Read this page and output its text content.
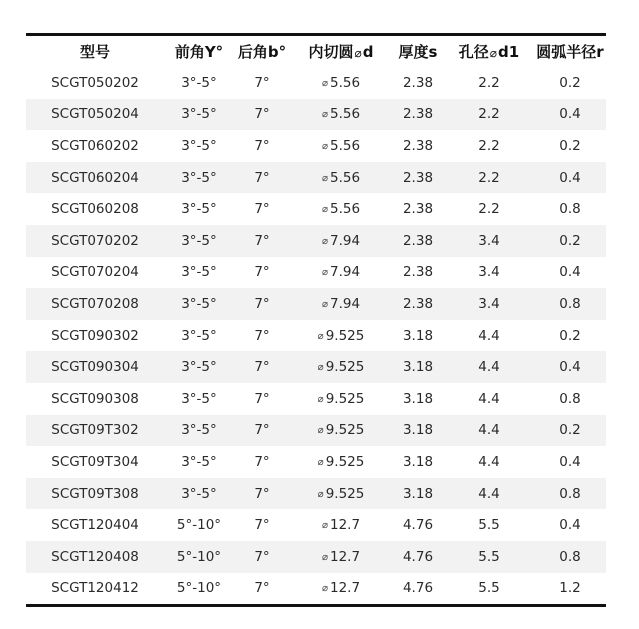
型号	前角Y°	后角b°	内切圆⌀d	厚度s	孔径⌀d1	圆弧半径r
SCGT050202	3°-5°	7°	⌀ 5.56	2.38	2.2	0.2
SCGT050204	3°-5°	7°	⌀ 5.56	2.38	2.2	0.4
SCGT060202	3°-5°	7°	⌀ 5.56	2.38	2.2	0.2
SCGT060204	3°-5°	7°	⌀ 5.56	2.38	2.2	0.4
SCGT060208	3°-5°	7°	⌀ 5.56	2.38	2.2	0.8
SCGT070202	3°-5°	7°	⌀ 7.94	2.38	3.4	0.2
SCGT070204	3°-5°	7°	⌀ 7.94	2.38	3.4	0.4
SCGT070208	3°-5°	7°	⌀ 7.94	2.38	3.4	0.8
SCGT090302	3°-5°	7°	⌀ 9.525	3.18	4.4	0.2
SCGT090304	3°-5°	7°	⌀ 9.525	3.18	4.4	0.4
SCGT090308	3°-5°	7°	⌀ 9.525	3.18	4.4	0.8
SCGT09T302	3°-5°	7°	⌀ 9.525	3.18	4.4	0.2
SCGT09T304	3°-5°	7°	⌀ 9.525	3.18	4.4	0.4
SCGT09T308	3°-5°	7°	⌀ 9.525	3.18	4.4	0.8
SCGT120404	5°-10°	7°	⌀ 12.7	4.76	5.5	0.4
SCGT120408	5°-10°	7°	⌀ 12.7	4.76	5.5	0.8
SCGT120412	5°-10°	7°	⌀ 12.7	4.76	5.5	1.2
